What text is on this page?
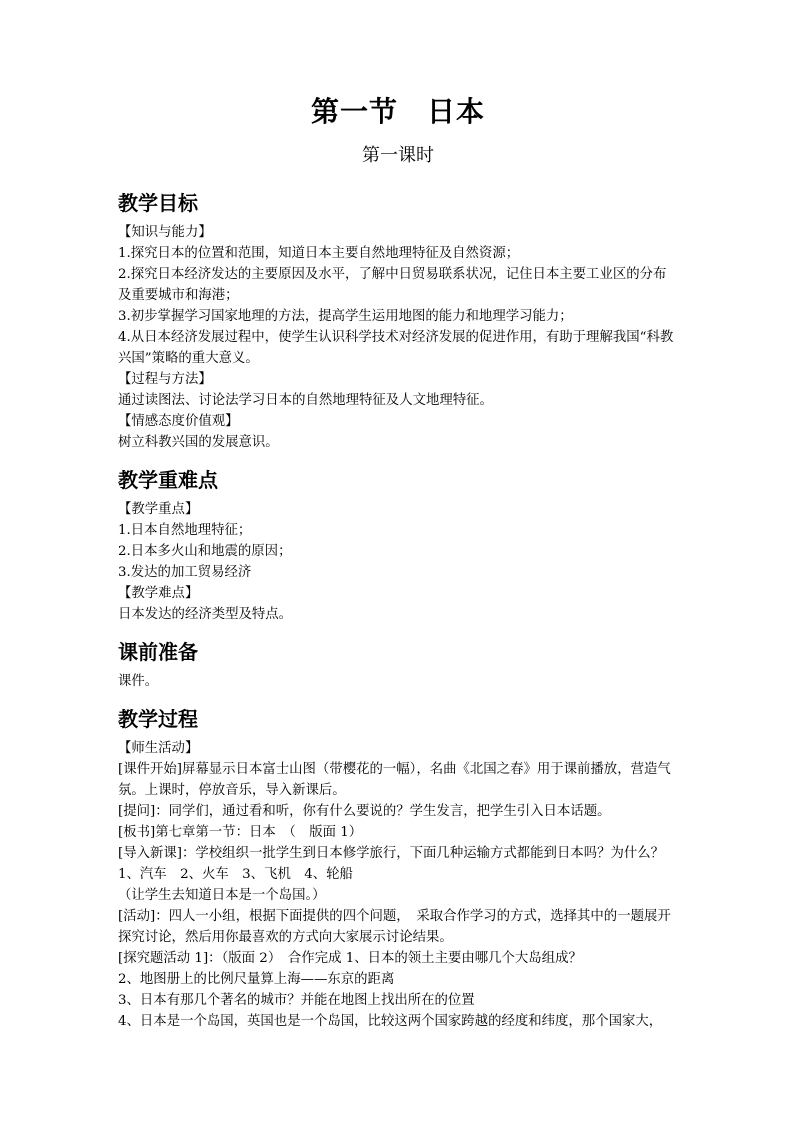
第一节　日本
第一课时
教学目标
【知识与能力】
1.探究日本的位置和范围，知道日本主要自然地理特征及自然资源；
2.探究日本经济发达的主要原因及水平，了解中日贸易联系状况，记住日本主要工业区的分布及重要城市和海港；
3.初步掌握学习国家地理的方法，提高学生运用地图的能力和地理学习能力；
4.从日本经济发展过程中，使学生认识科学技术对经济发展的促进作用，有助于理解我国“科教兴国”策略的重大意义。
【过程与方法】
通过读图法、讨论法学习日本的自然地理特征及人文地理特征。
【情感态度价值观】
树立科教兴国的发展意识。
教学重难点
【教学重点】
1.日本自然地理特征；
2.日本多火山和地震的原因；
3.发达的加工贸易经济
【教学难点】
日本发达的经济类型及特点。
课前准备
课件。
教学过程
【师生活动】
[课件开始]屏幕显示日本富士山图（带樱花的一幅），名曲《北国之春》用于课前播放，营造气氛。上课时，停放音乐，导入新课后。
[提问]：同学们，通过看和听，你有什么要说的？学生发言，把学生引入日本话题。
[板书]第七章第一节：日本　（　版面 1）
[导入新课]：学校组织一批学生到日本修学旅行，下面几种运输方式都能到日本吗？为什么？
1、汽车　2、火车　3、飞机　4、轮船
（让学生去知道日本是一个岛国。）
[活动]：四人一小组，根据下面提供的四个问题，　采取合作学习的方式，选择其中的一题展开探究讨论，然后用你最喜欢的方式向大家展示讨论结果。
[探究题活动 1]：（版面 2）　合作完成 1、日本的领土主要由哪几个大岛组成？
2、地图册上的比例尺量算上海——东京的距离
3、日本有那几个著名的城市？并能在地图上找出所在的位置
4、日本是一个岛国，英国也是一个岛国，比较这两个国家跨越的经度和纬度，那个国家大，
